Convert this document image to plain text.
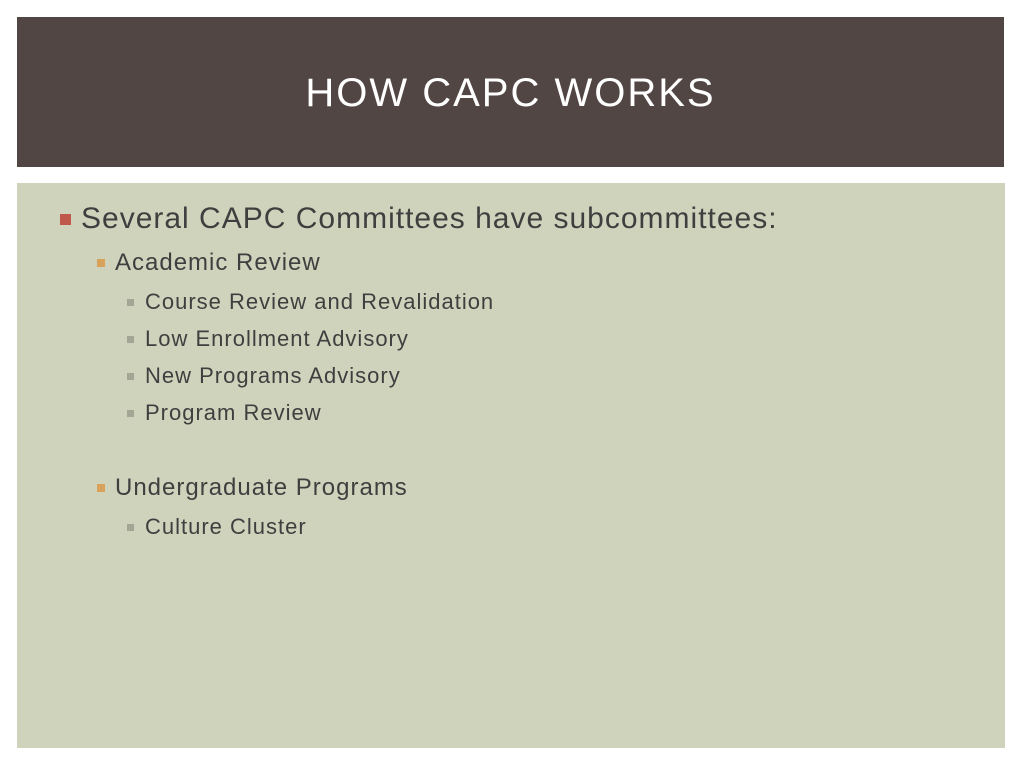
HOW CAPC WORKS
Several CAPC Committees have subcommittees:
Academic Review
Course Review and Revalidation
Low Enrollment Advisory
New Programs Advisory
Program Review
Undergraduate Programs
Culture Cluster
